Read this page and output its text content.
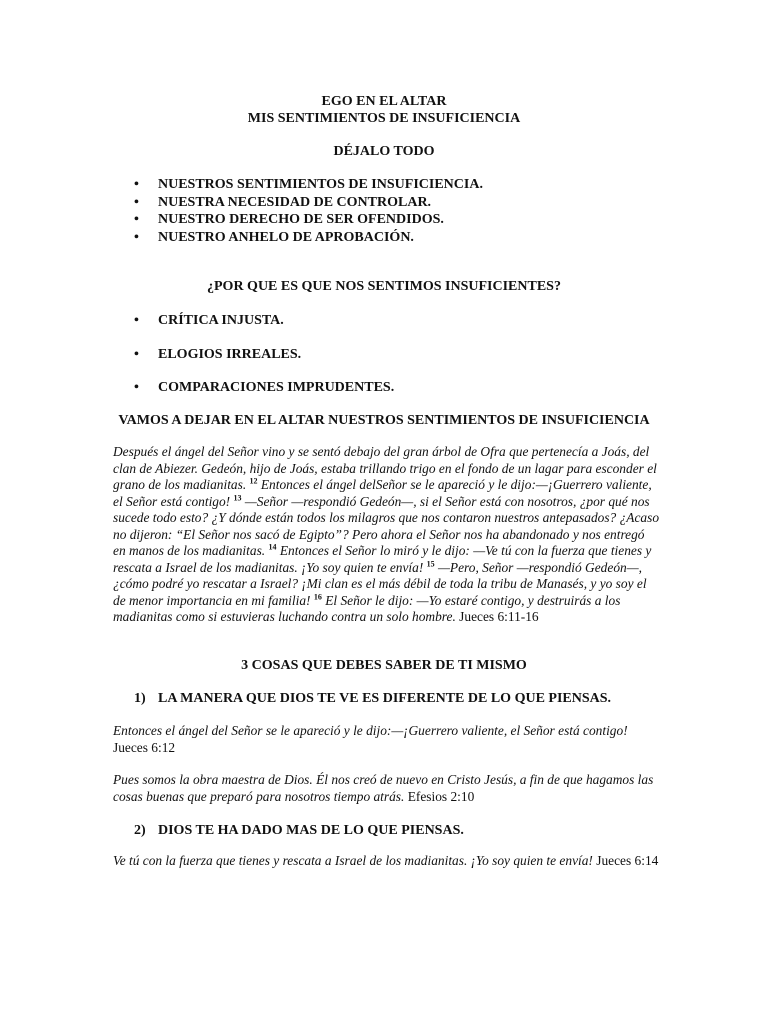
EGO EN EL ALTAR
MIS SENTIMIENTOS DE INSUFICIENCIA
DÉJALO TODO
• NUESTROS SENTIMIENTOS DE INSUFICIENCIA.
• NUESTRA NECESIDAD DE CONTROLAR.
• NUESTRO DERECHO DE SER OFENDIDOS.
• NUESTRO ANHELO DE APROBACIÓN.
¿POR QUE ES QUE NOS SENTIMOS INSUFICIENTES?
• CRÍTICA INJUSTA.
• ELOGIOS IRREALES.
• COMPARACIONES IMPRUDENTES.
VAMOS A DEJAR EN EL ALTAR NUESTROS SENTIMIENTOS DE INSUFICIENCIA
Después el ángel del Señor vino y se sentó debajo del gran árbol de Ofra que pertenecía a Joás, del clan de Abiezer. Gedeón, hijo de Joás, estaba trillando trigo en el fondo de un lagar para esconder el grano de los madianitas. $^{12}$ Entonces el ángel delSeñor se le apareció y le dijo:—¡Guerrero valiente, el Señor está contigo! $^{13}$ —Señor —respondió Gedeón—, si el Señor está con nosotros, ¿por qué nos sucede todo esto? ¿Y dónde están todos los milagros que nos contaron nuestros antepasados? ¿Acaso no dijeron: “El Señor nos sacó de Egipto”? Pero ahora el Señor nos ha abandonado y nos entregó en manos de los madianitas. $^{14}$ Entonces el Señor lo miró y le dijo: —Ve tú con la fuerza que tienes y rescata a Israel de los madianitas. ¡Yo soy quien te envía! $^{15}$ —Pero, Señor —respondió Gedeón—, ¿cómo podré yo rescatar a Israel? ¡Mi clan es el más débil de toda la tribu de Manasés, y yo soy el de menor importancia en mi familia! $^{16}$ El Señor le dijo: —Yo estaré contigo, y destruirás a los madianitas como si estuvieras luchando contra un solo hombre. Jueces 6:11-16
3 COSAS QUE DEBES SABER DE TI MISMO
1) LA MANERA QUE DIOS TE VE ES DIFERENTE DE LO QUE PIENSAS.
Entonces el ángel del Señor se le apareció y le dijo:—¡Guerrero valiente, el Señor está contigo! Jueces 6:12
Pues somos la obra maestra de Dios. Él nos creó de nuevo en Cristo Jesús, a fin de que hagamos las cosas buenas que preparó para nosotros tiempo atrás. Efesios 2:10
2) DIOS TE HA DADO MAS DE LO QUE PIENSAS.
Ve tú con la fuerza que tienes y rescata a Israel de los madianitas. ¡Yo soy quien te envía! Jueces 6:14
